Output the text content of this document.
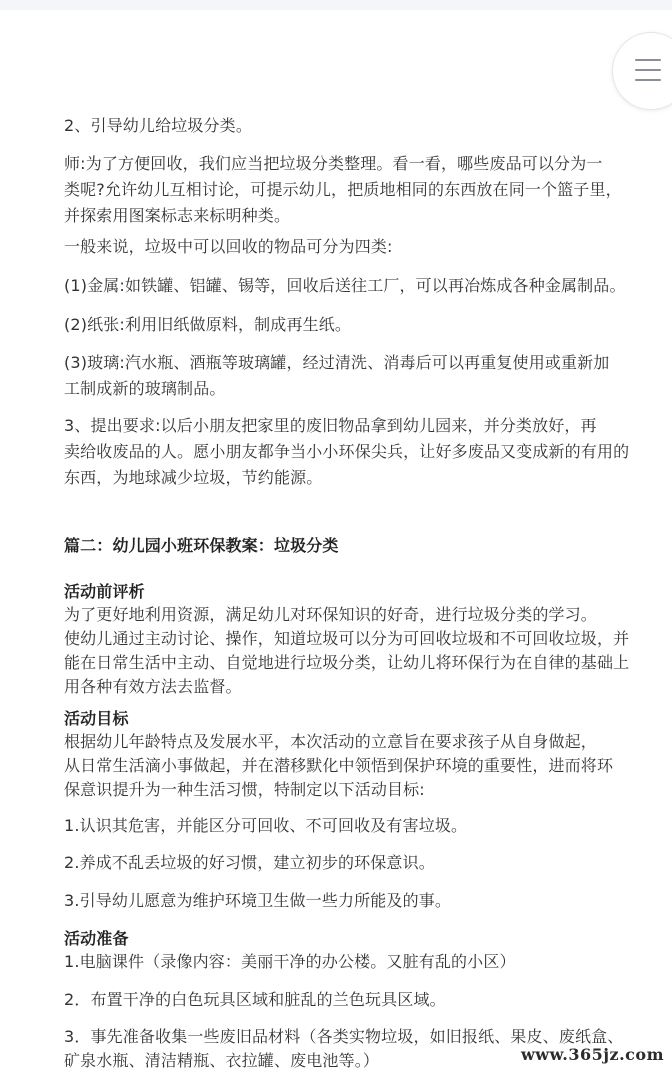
2、引导幼儿给垃圾分类。

师:为了方便回收，我们应当把垃圾分类整理。看一看，哪些废品可以分为一

类呢?允许幼儿互相讨论，可提示幼儿，把质地相同的东西放在同一个篮子里，

并探索用图案标志来标明种类。

一般来说，垃圾中可以回收的物品可分为四类:

(1)金属:如铁罐、铝罐、锡等，回收后送往工厂，可以再冶炼成各种金属制品。

(2)纸张:利用旧纸做原料，制成再生纸。

(3)玻璃:汽水瓶、酒瓶等玻璃罐，经过清洗、消毒后可以再重复使用或重新加

工制成新的玻璃制品。

3、提出要求:以后小朋友把家里的废旧物品拿到幼儿园来，并分类放好，再

卖给收废品的人。愿小朋友都争当小小环保尖兵，让好多废品又变成新的有用的

东西，为地球减少垃圾，节约能源。

篇二：幼儿园小班环保教案：垃圾分类

活动前评析

为了更好地利用资源，满足幼儿对环保知识的好奇，进行垃圾分类的学习。

使幼儿通过主动讨论、操作，知道垃圾可以分为可回收垃圾和不可回收垃圾，并

能在日常生活中主动、自觉地进行垃圾分类，让幼儿将环保行为在自律的基础上

用各种有效方法去监督。

活动目标

根据幼儿年龄特点及发展水平，本次活动的立意旨在要求孩子从自身做起，

从日常生活滴小事做起，并在潜移默化中领悟到保护环境的重要性，进而将环

保意识提升为一种生活习惯，特制定以下活动目标:

1.认识其危害，并能区分可回收、不可回收及有害垃圾。

2.养成不乱丢垃圾的好习惯，建立初步的环保意识。

3.引导幼儿愿意为维护环境卫生做一些力所能及的事。

活动准备

1.电脑课件（录像内容：美丽干净的办公楼。又脏有乱的小区）

2．布置干净的白色玩具区域和脏乱的兰色玩具区域。

3．事先准备收集一些废旧品材料（各类实物垃圾，如旧报纸、果皮、废纸盒、

矿泉水瓶、清洁精瓶、衣拉罐、废电池等。）	www.365jz.com
